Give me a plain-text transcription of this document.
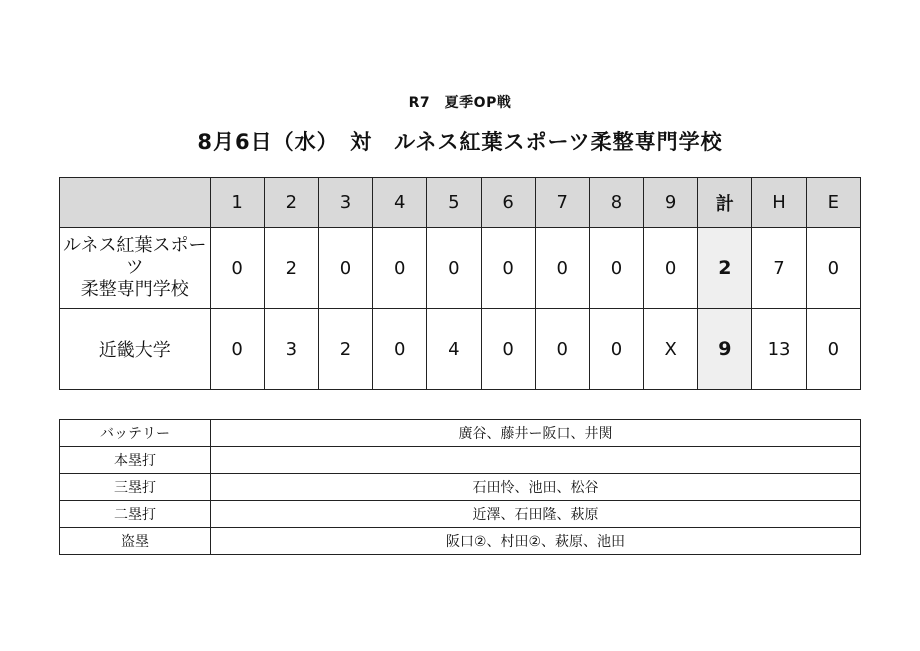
R7　夏季OP戦
8月6日（水）　対　ルネス紅葉スポーツ柔整専門学校
	1	2	3	4	5	6	7	8	9	計	H	E

ルネス紅葉スポーツ
柔整専門学校	0	2	0	0	0	0	0	0	0	2	7	0
近畿大学	0	3	2	0	4	0	0	0	X	9	13	0
バッテリー	廣谷、藤井ー阪口、井関
本塁打	
三塁打	石田怜、池田、松谷
二塁打	近澤、石田隆、萩原
盗塁	阪口②、村田②、萩原、池田
